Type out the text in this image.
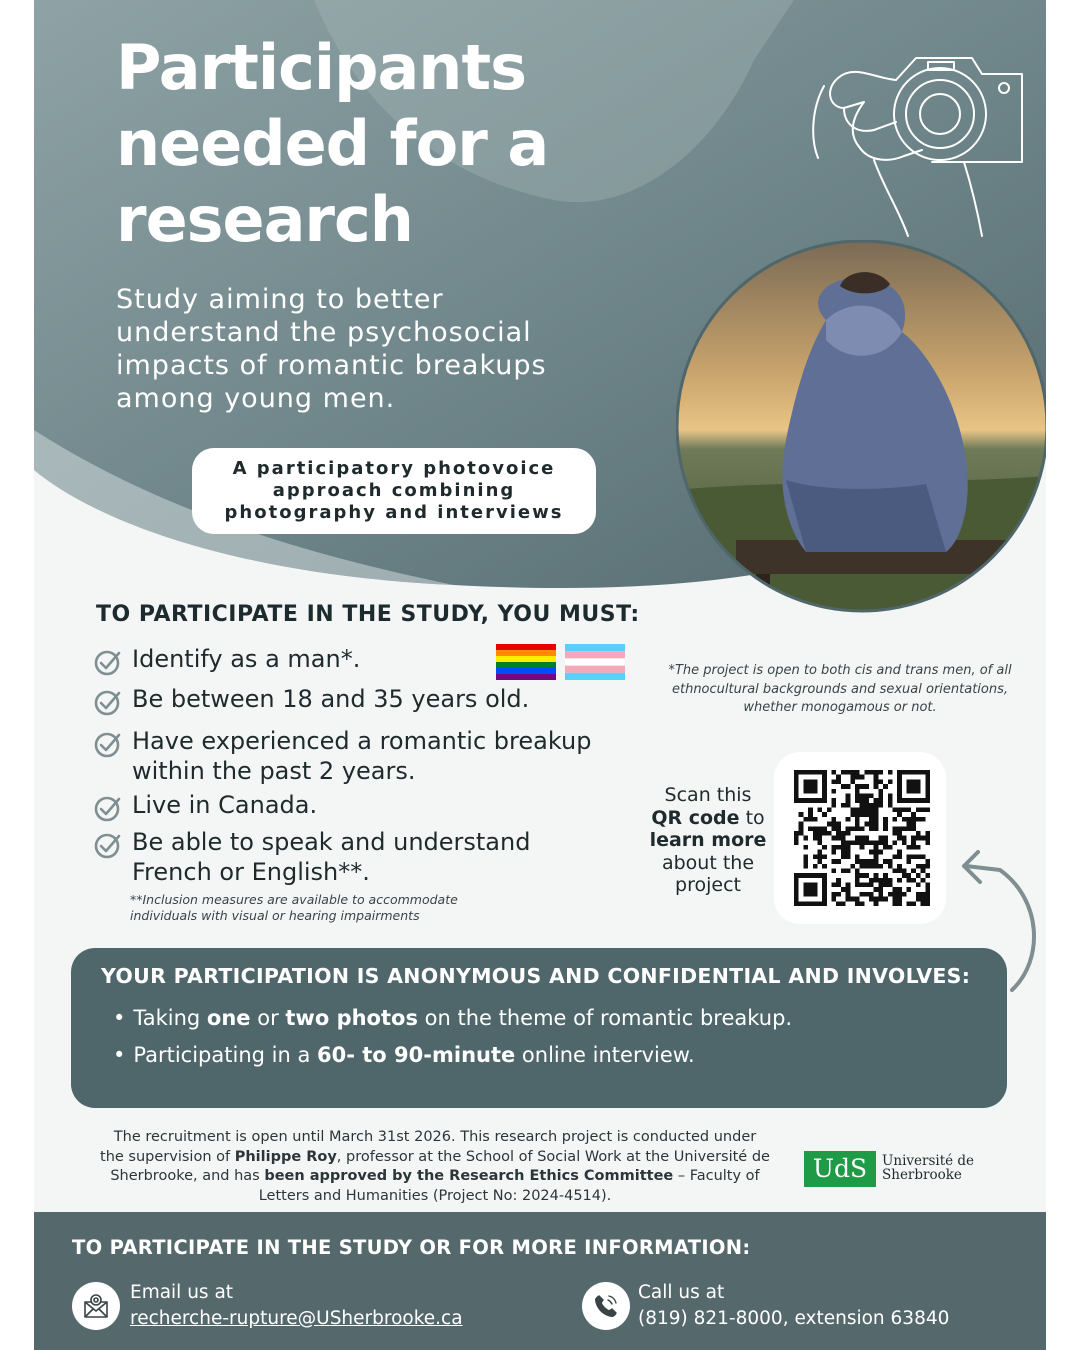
Participants
needed for a
research

Study aiming to better
understand the psychosocial
impacts of romantic breakups
among young men.

A participatory photovoice
approach combining
photography and interviews
TO PARTICIPATE IN THE STUDY, YOU MUST:
Identify as a man*.
Be between 18 and 35 years old.
Have experienced a romantic breakup
within the past 2 years.
Live in Canada.
Be able to speak and understand
French or English**.
**Inclusion measures are available to accommodate
individuals with visual or hearing impairments
*The project is open to both cis and trans men, of all
ethnocultural backgrounds and sexual orientations,
whether monogamous or not.
Scan this
QR code to
learn more
about the
project
YOUR PARTICIPATION IS ANONYMOUS AND CONFIDENTIAL AND INVOLVES:
• Taking one or two photos on the theme of romantic breakup.
• Participating in a 60- to 90-minute online interview.
The recruitment is open until March 31st 2026. This research project is conducted under
the supervision of Philippe Roy, professor at the School of Social Work at the Université de
Sherbrooke, and has been approved by the Research Ethics Committee – Faculty of
Letters and Humanities (Project No: 2024-4514).
UdS	Université de
Sherbrooke
TO PARTICIPATE IN THE STUDY OR FOR MORE INFORMATION:
Email us at
recherche-rupture@USherbrooke.ca
Call us at
(819) 821-8000, extension 63840
